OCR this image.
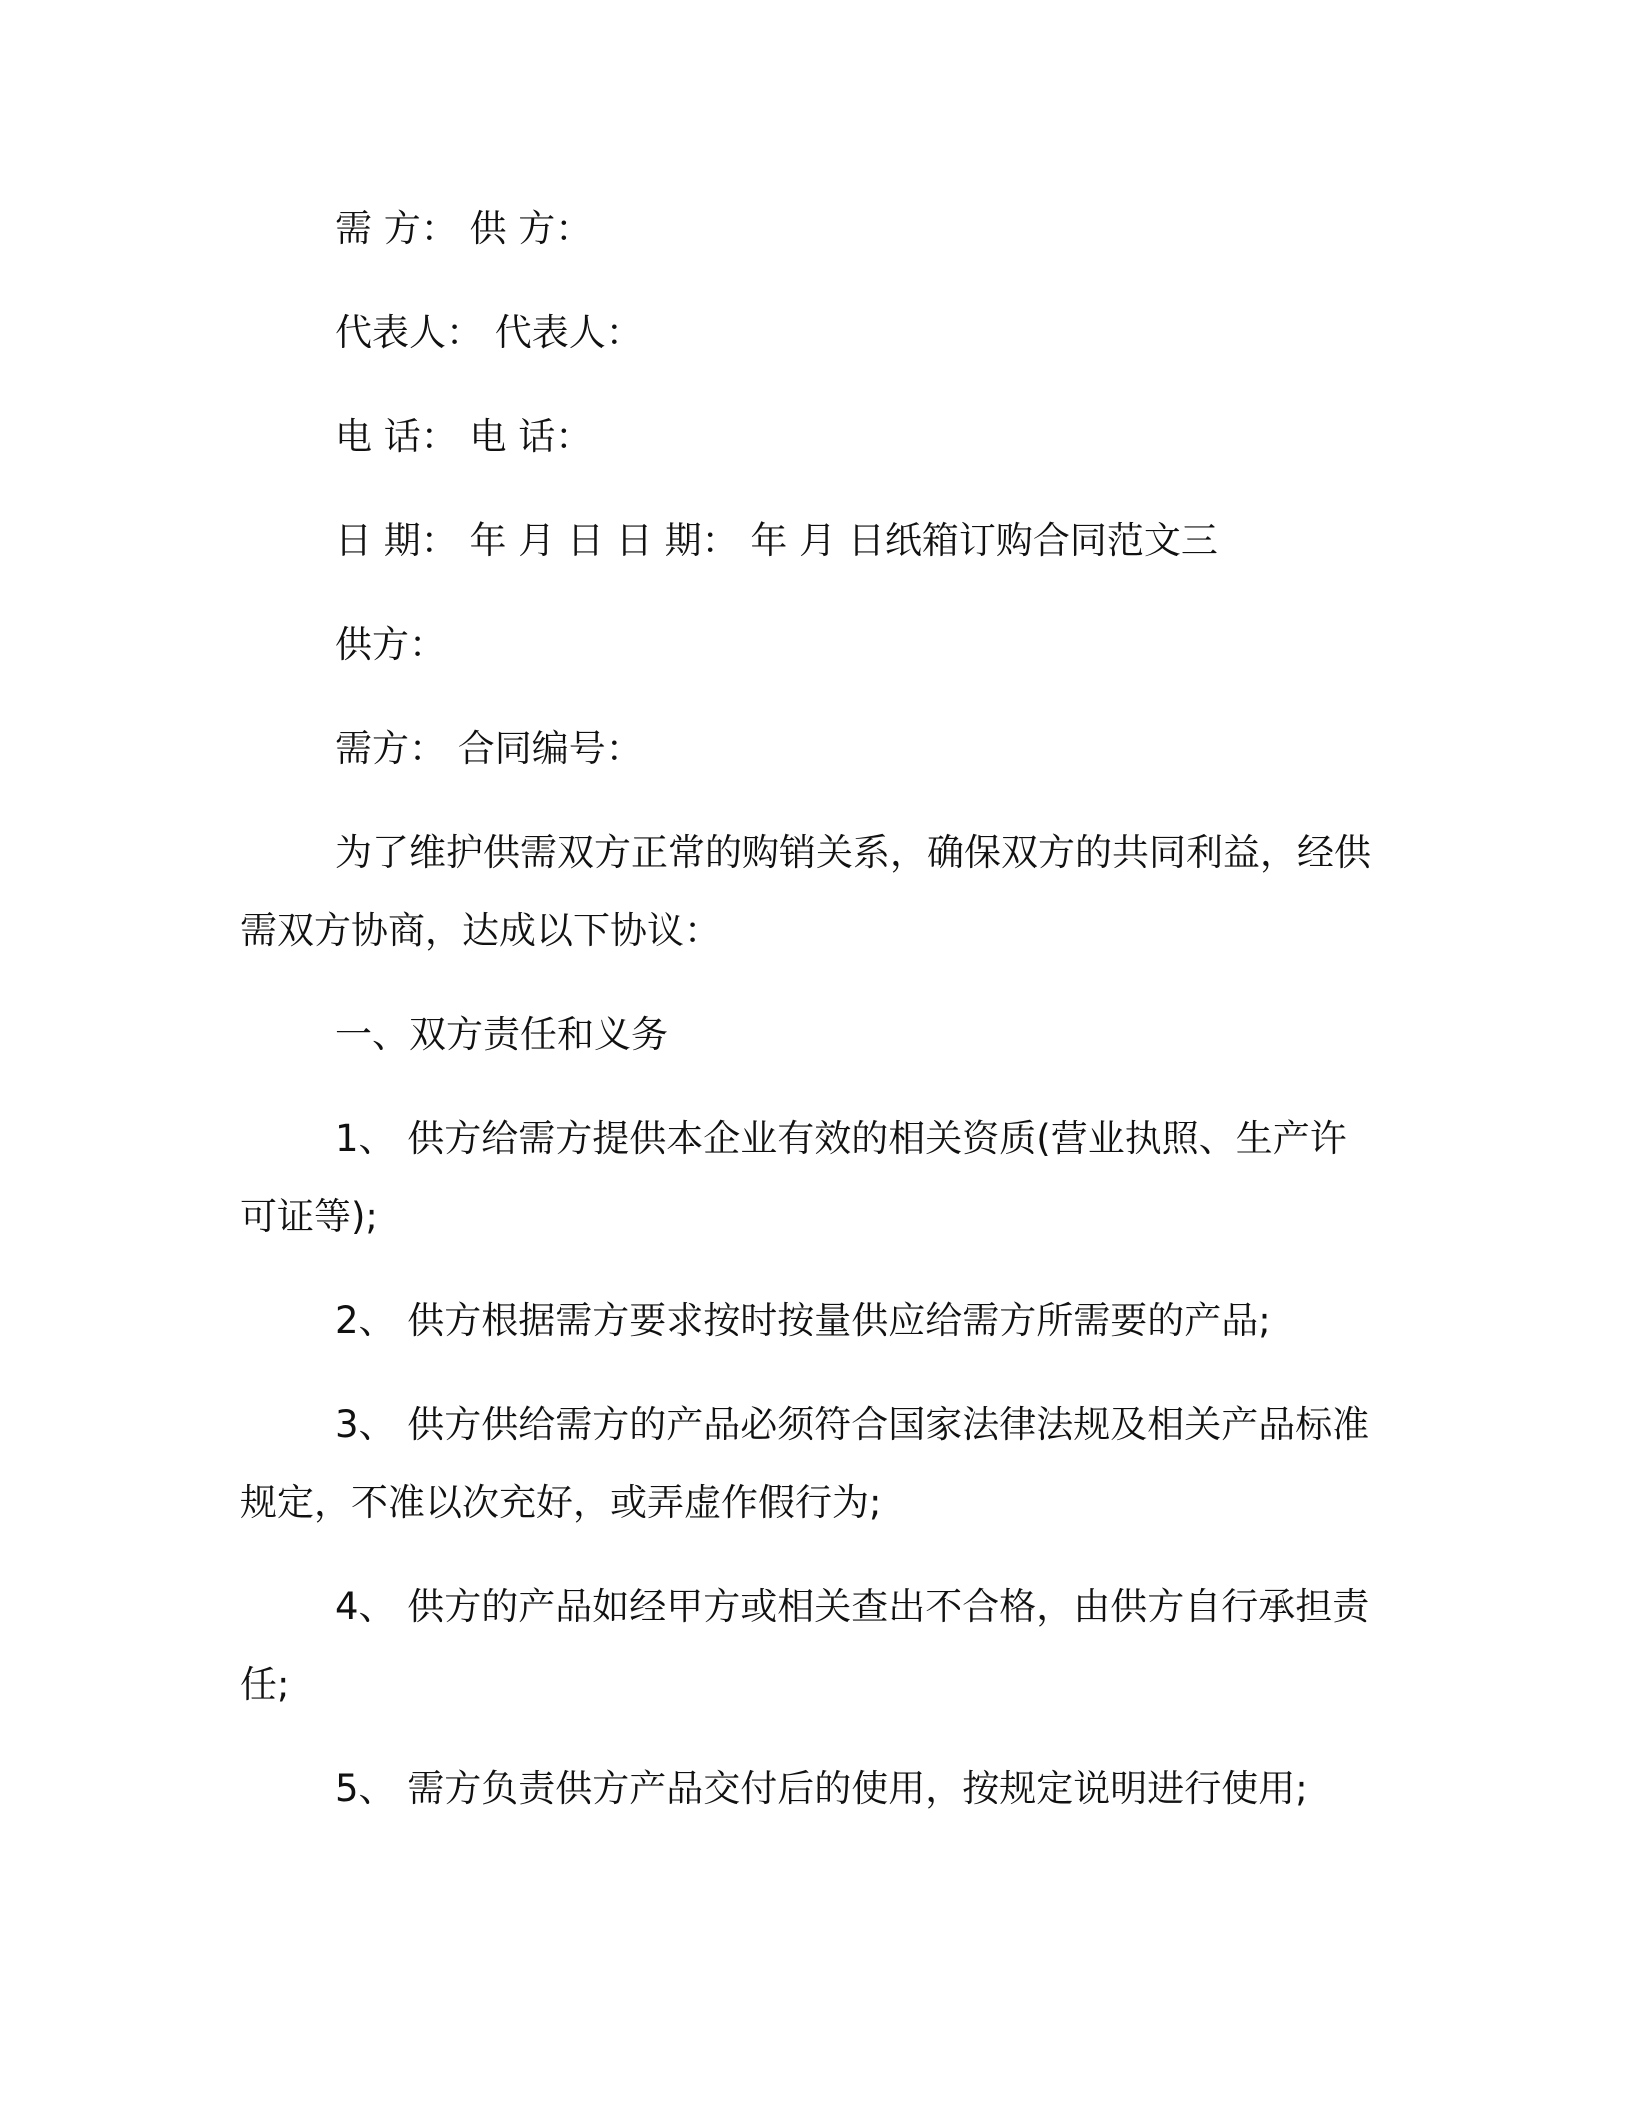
需 方： 供 方：

代表人： 代表人：

电 话： 电 话：

日 期： 年 月 日 日 期： 年 月 日纸箱订购合同范文三

供方：

需方： 合同编号：

为了维护供需双方正常的购销关系，确保双方的共同利益，经供需双方协商，达成以下协议：

一、双方责任和义务

1、 供方给需方提供本企业有效的相关资质(营业执照、生产许可证等);

2、 供方根据需方要求按时按量供应给需方所需要的产品;

3、 供方供给需方的产品必须符合国家法律法规及相关产品标准规定，不准以次充好，或弄虚作假行为;

4、 供方的产品如经甲方或相关查出不合格，由供方自行承担责任;

5、 需方负责供方产品交付后的使用，按规定说明进行使用;
